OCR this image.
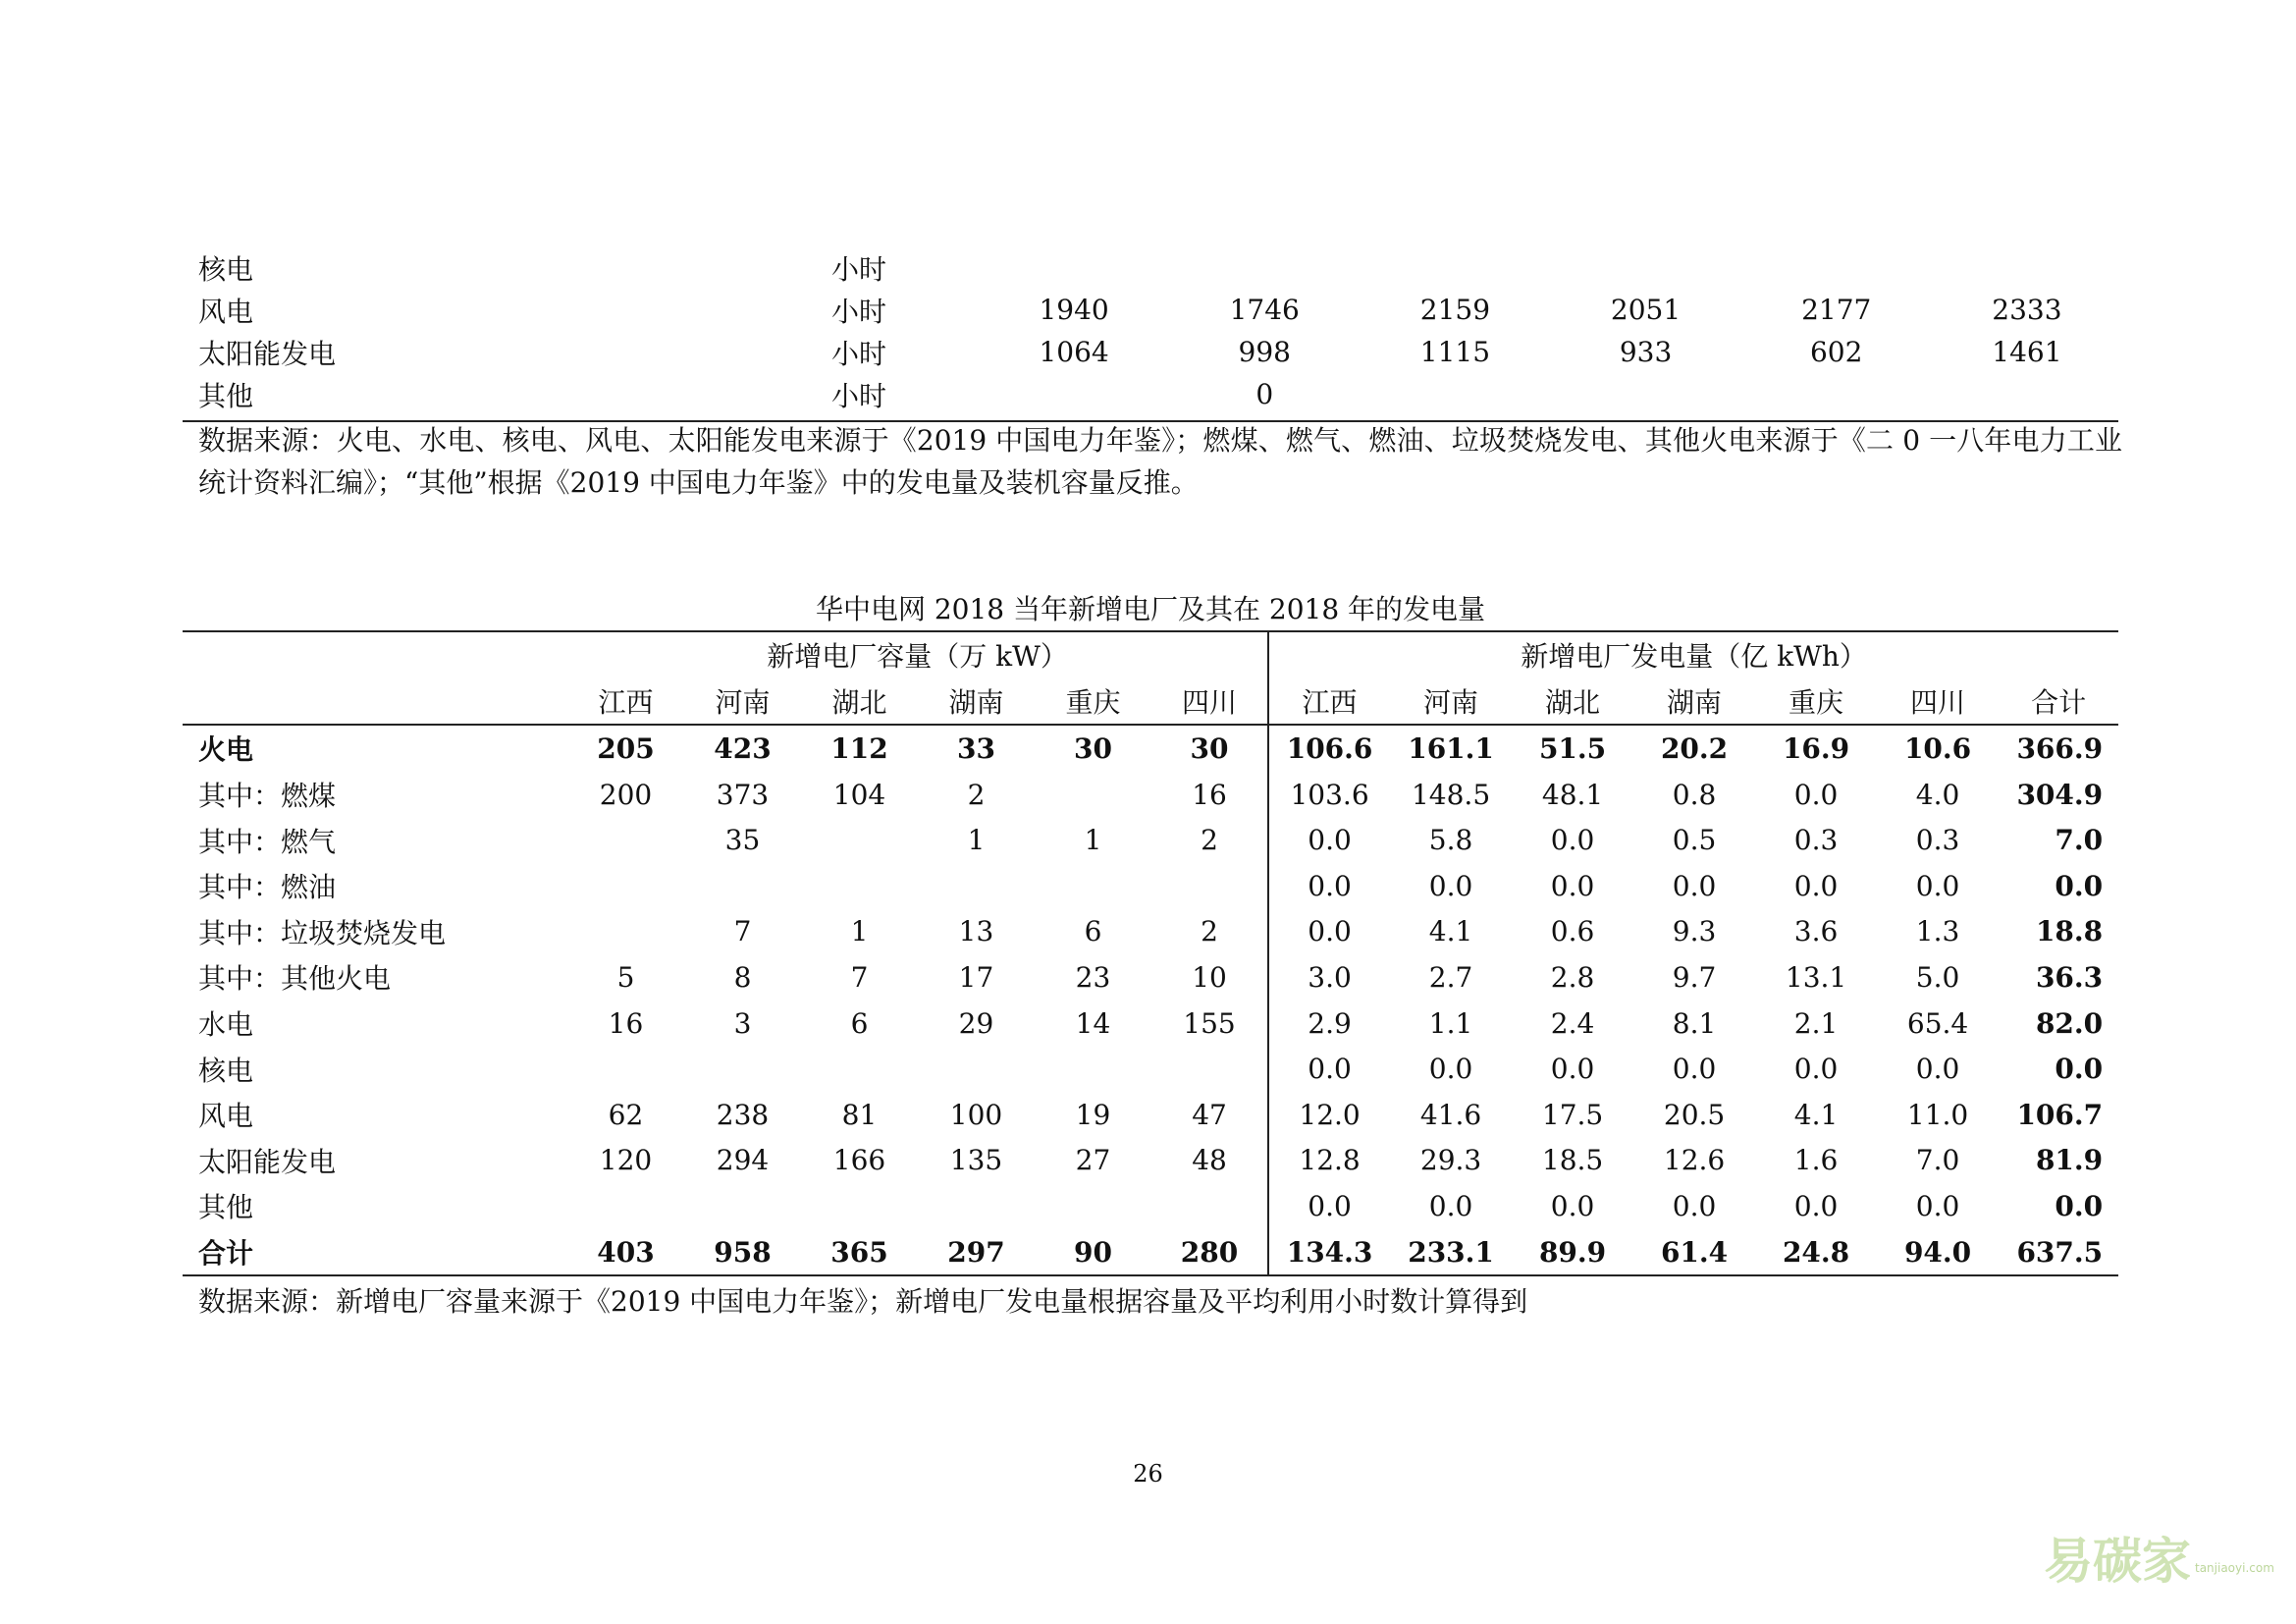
核电	小时						
风电	小时	1940	1746	2159	2051	2177	2333
太阳能发电	小时	1064	998	1115	933	602	1461
其他	小时		0				
数据来源：火电、水电、核电、风电、太阳能发电来源于《2019 中国电力年鉴》；燃煤、燃气、燃油、垃圾焚烧发电、其他火电来源于《二 0 一八年电力工业统计资料汇编》；“其他”根据《2019 中国电力年鉴》中的发电量及装机容量反推。
华中电网 2018 当年新增电厂及其在 2018 年的发电量
	新增电厂容量（万 kW）						新增电厂发电量（亿 kWh）						
	江西	河南	湖北	湖南	重庆	四川	江西	河南	湖北	湖南	重庆	四川	合计
火电	205	423	112	33	30	30	106.6	161.1	51.5	20.2	16.9	10.6	366.9
其中：燃煤	200	373	104	2		16	103.6	148.5	48.1	0.8	0.0	4.0	304.9
其中：燃气		35		1	1	2	0.0	5.8	0.0	0.5	0.3	0.3	7.0
其中：燃油							0.0	0.0	0.0	0.0	0.0	0.0	0.0
其中：垃圾焚烧发电		7	1	13	6	2	0.0	4.1	0.6	9.3	3.6	1.3	18.8
其中：其他火电	5	8	7	17	23	10	3.0	2.7	2.8	9.7	13.1	5.0	36.3
水电	16	3	6	29	14	155	2.9	1.1	2.4	8.1	2.1	65.4	82.0
核电							0.0	0.0	0.0	0.0	0.0	0.0	0.0
风电	62	238	81	100	19	47	12.0	41.6	17.5	20.5	4.1	11.0	106.7
太阳能发电	120	294	166	135	27	48	12.8	29.3	18.5	12.6	1.6	7.0	81.9
其他							0.0	0.0	0.0	0.0	0.0	0.0	0.0
合计	403	958	365	297	90	280	134.3	233.1	89.9	61.4	24.8	94.0	637.5
数据来源：新增电厂容量来源于《2019 中国电力年鉴》；新增电厂发电量根据容量及平均利用小时数计算得到
26
易碳家 tanjiaoyi.com
